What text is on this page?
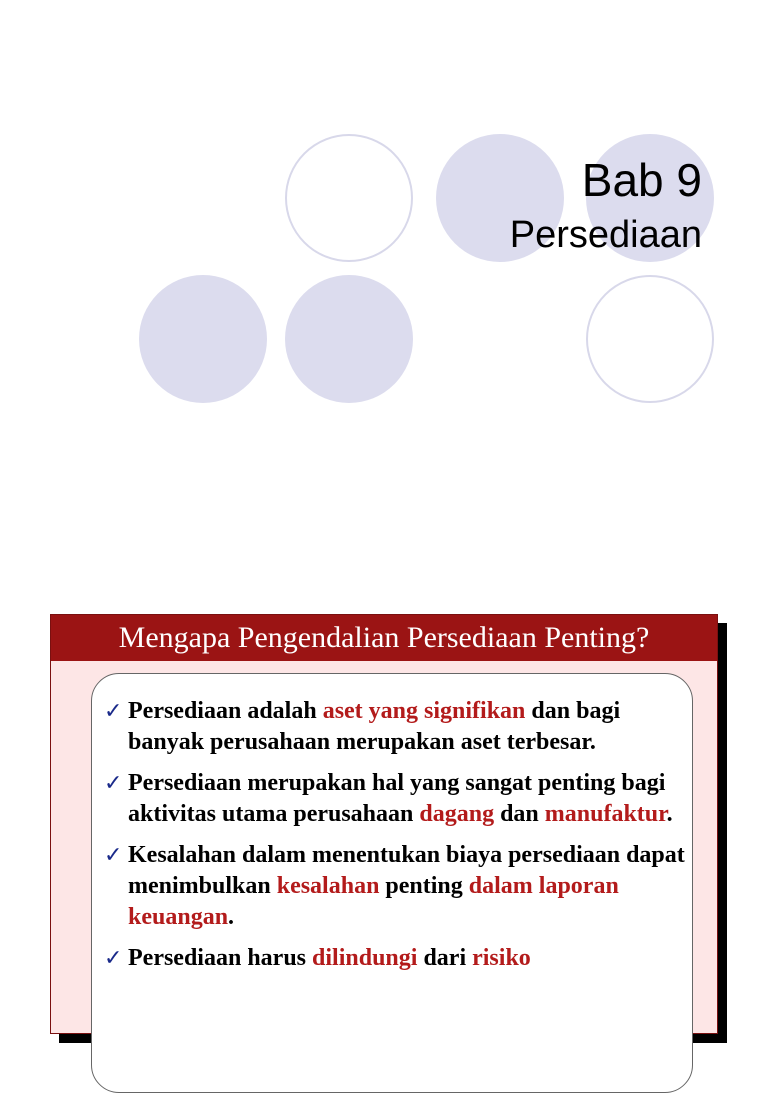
Bab 9
Persediaan
Mengapa Pengendalian Persediaan Penting?
✓ Persediaan adalah aset yang signifikan dan bagi banyak perusahaan merupakan aset terbesar.
✓ Persediaan merupakan hal yang sangat penting bagi aktivitas utama perusahaan dagang dan manufaktur.
✓ Kesalahan dalam menentukan biaya persediaan dapat menimbulkan kesalahan penting dalam laporan keuangan.
✓ Persediaan harus dilindungi dari risiko
